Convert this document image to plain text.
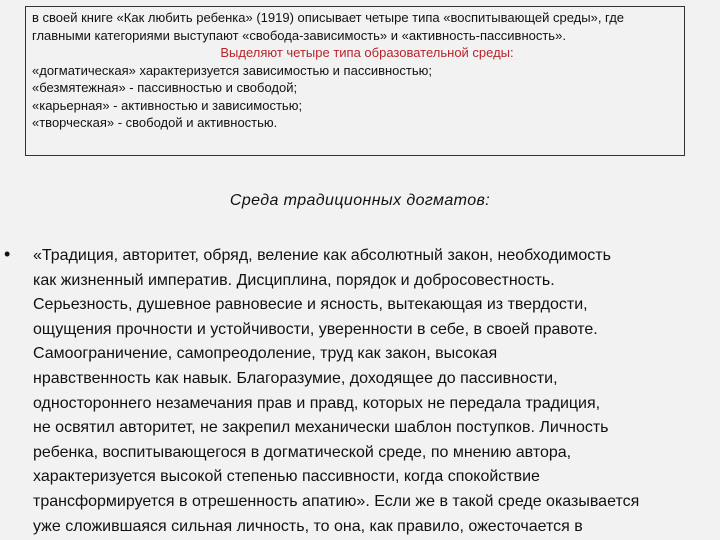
в своей книге «Как любить ребенка» (1919) описывает четыре типа «воспитывающей среды», где главными категориями выступают «свобода-зависимость» и «активность-пассивность».

Выделяют четыре типа образовательной среды:

«догматическая» характеризуется зависимостью и пассивностью;

«безмятежная» - пассивностью и свободой;

«карьерная» - активностью и зависимостью;

«творческая» - свободой и активностью.

Среда традиционных догматов:
• «Традиция, авторитет, обряд, веление как абсолютный закон, необходимость
как жизненный императив. Дисциплина, порядок и добросовестность.
Серьезность, душевное равновесие и ясность, вытекающая из твердости,
ощущения прочности и устойчивости, уверенности в себе, в своей правоте.
Самоограничение, самопреодоление, труд как закон, высокая
нравственность как навык. Благоразумие, доходящее до пассивности,
одностороннего незамечания прав и правд, которых не передала традиция,
не освятил авторитет, не закрепил механически шаблон поступков. Личность
ребенка, воспитывающегося в догматической среде, по мнению автора,
характеризуется высокой степенью пассивности, когда спокойствие
трансформируется в отрешенность апатию». Если же в такой среде оказывается
уже сложившаяся сильная личность, то она, как правило, ожесточается в
